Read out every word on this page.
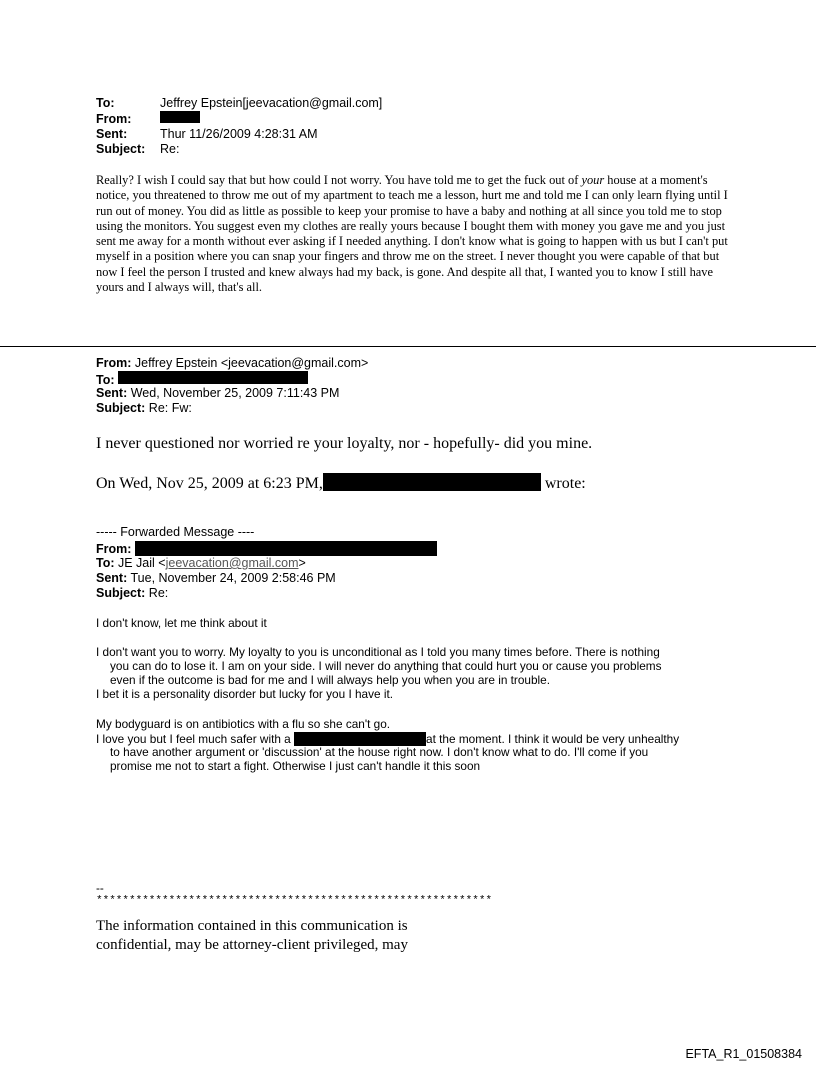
To:	Jeffrey Epstein[jeevacation@gmail.com]
From:
Sent:	Thur 11/26/2009 4:28:31 AM
Subject: Re:
Really? I wish I could say that but how could I not worry. You have told me to get the fuck out of your house at a moment's notice, you threatened to throw me out of my apartment to teach me a lesson, hurt me and told me I can only learn flying until I run out of money. You did as little as possible to keep your promise to have a baby and nothing at all since you told me to stop using the monitors. You suggest even my clothes are really yours because I bought them with money you gave me and you just sent me away for a month without ever asking if I needed anything. I don't know what is going to happen with us but I can't put myself in a position where you can snap your fingers and throw me on the street. I never thought you were capable of that but now I feel the person I trusted and knew always had my back, is gone. And despite all that, I wanted you to know I still have yours and I always will, that's all.
From: Jeffrey Epstein <jeevacation@gmail.com>
To:
Sent: Wed, November 25, 2009 7:11:43 PM
Subject: Re: Fw:
I never questioned nor worried re your loyalty, nor - hopefully- did you mine.
On Wed, Nov 25, 2009 at 6:23 PM,	wrote:
----- Forwarded Message ----
From:
To: JE Jail <jeevacation@gmail.com>
Sent: Tue, November 24, 2009 2:58:46 PM
Subject: Re:
I don't know, let me think about it
I don't want you to worry. My loyalty to you is unconditional as I told you many times before. There is nothing
you can do to lose it. I am on your side. I will never do anything that could hurt you or cause you problems
even if the outcome is bad for me and I will always help you when you are in trouble.
I bet it is a personality disorder but lucky for you I have it.
My bodyguard is on antibiotics with a flu so she can't go.
I love you but I feel much safer with a	at the moment. I think it would be very unhealthy
to have another argument or 'discussion' at the house right now. I don't know what to do. I'll come if you
promise me not to start a fight. Otherwise I just can't handle it this soon
--
************************************************************
The information contained in this communication is
confidential, may be attorney-client privileged, may
EFTA_R1_01508384
